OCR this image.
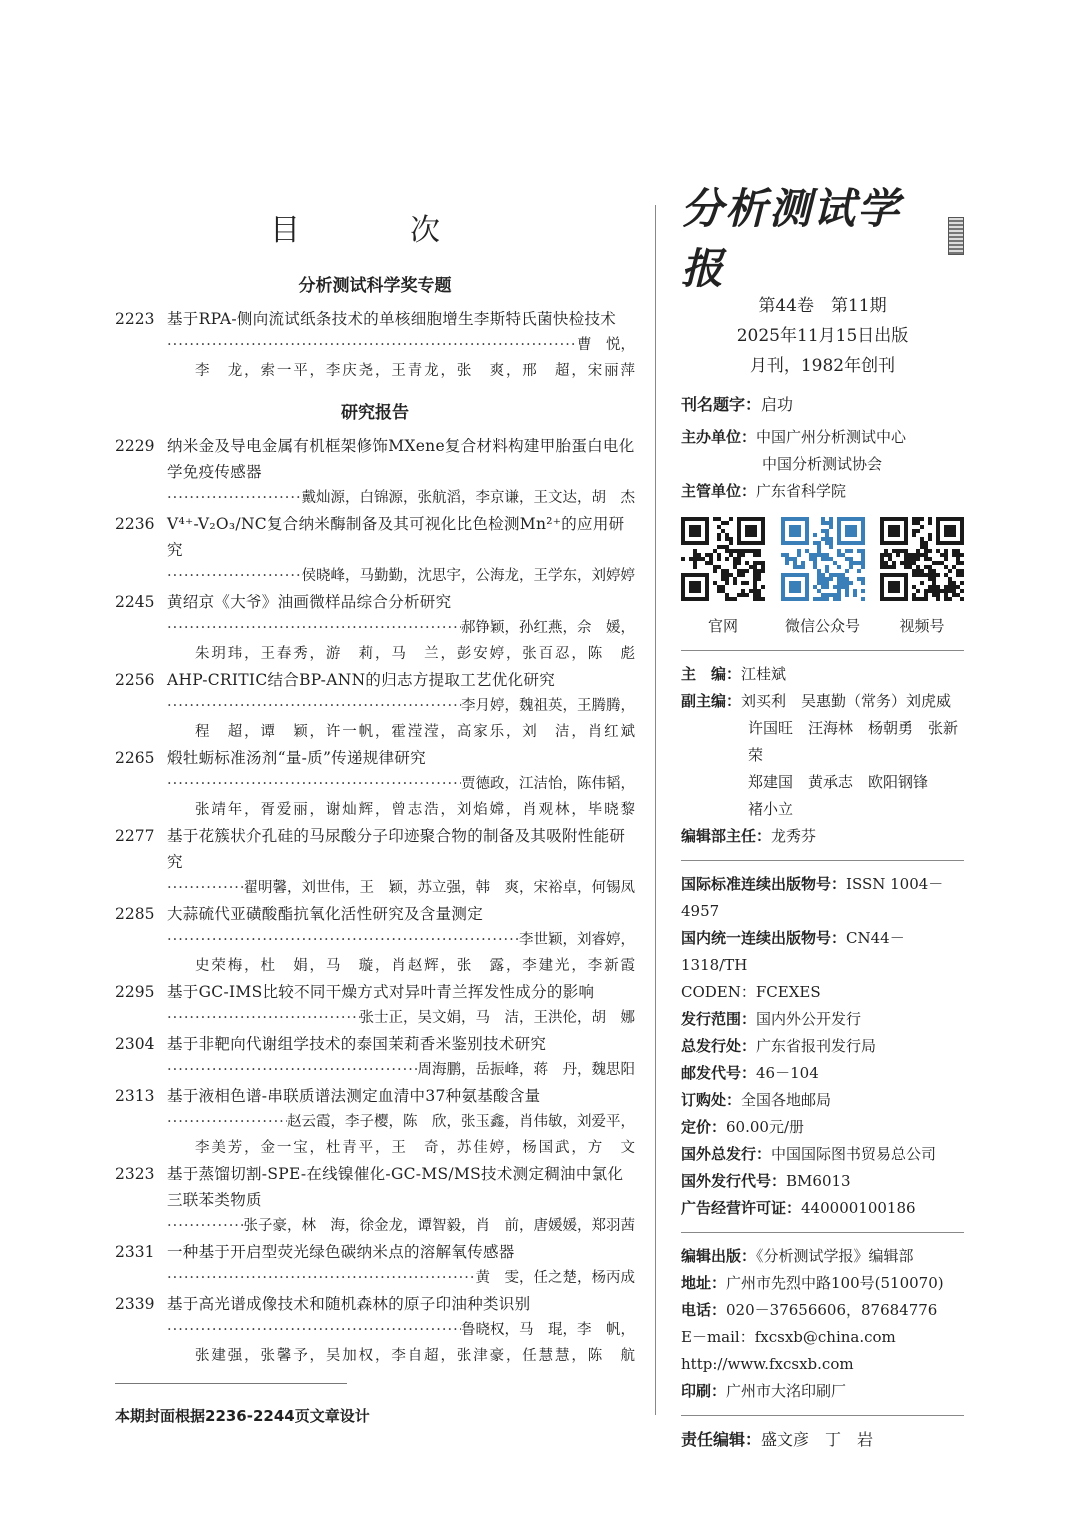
目　次
分析测试科学奖专题
2223 基于RPA-侧向流试纸条技术的单核细胞增生李斯特氏菌快检技术
·····
曹　悦，
李　龙，索一平，李庆尧，王青龙，张　爽，邢　超，宋丽萍
研究报告
2229 纳米金及导电金属有机框架修饰MXene复合材料构建甲胎蛋白电化学免疫传感器
·····
戴灿源，白锦源，张航滔，李京谦，王文达，胡　杰
2236 V⁴⁺-V₂O₃/NC复合纳米酶制备及其可视化比色检测Mn²⁺的应用研究
·····
侯晓峰，马勤勤，沈思宇，公海龙，王学东，刘婷婷
2245 黄绍京《大爷》油画微样品综合分析研究
·····
郝铮颖，孙红燕，佘　媛，
朱玥玮，王春秀，游　莉，马　兰，彭安婷，张百忍，陈　彪
2256 AHP-CRITIC结合BP-ANN的归志方提取工艺优化研究
·····
李月婷，魏祖英，王腾腾，
程　超，谭　颖，许一帆，霍滢滢，高家乐，刘　洁，肖红斌
2265 煅牡蛎标准汤剂“量-质”传递规律研究
·····
贾德政，江洁怡，陈伟韬，
张靖年，胥爱丽，谢灿辉，曾志浩，刘焰嫦，肖观林，毕晓黎
2277 基于花簇状介孔硅的马尿酸分子印迹聚合物的制备及其吸附性能研究
·····
翟明馨，刘世伟，王　颖，苏立强，韩　爽，宋裕卓，何锡凤
2285 大蒜硫代亚磺酸酯抗氧化活性研究及含量测定
·····
李世颖，刘睿婷，
史荣梅，杜　娟，马　璇，肖赵辉，张　露，李建光，李新霞
2295 基于GC-IMS比较不同干燥方式对异叶青兰挥发性成分的影响
·····
张士正，吴文娟，马　洁，王洪伦，胡　娜
2304 基于非靶向代谢组学技术的泰国茉莉香米鉴别技术研究
·····
周海鹏，岳振峰，蒋　丹，魏思阳
2313 基于液相色谱-串联质谱法测定血清中37种氨基酸含量
·····
赵云霞，李子樱，陈　欣，张玉鑫，肖伟敏，刘爱平，
李美芳，金一宝，杜青平，王　奇，苏佳婷，杨国武，方　文
2323 基于蒸馏切割-SPE-在线镍催化-GC-MS/MS技术测定稠油中氯化三联苯类物质
·····
张子豪，林　海，徐金龙，谭智毅，肖　前，唐媛媛，郑羽茜
2331 一种基于开启型荧光绿色碳纳米点的溶解氧传感器
·····
黄　雯，任之楚，杨丙成
2339 基于高光谱成像技术和随机森林的原子印油种类识别
·····
鲁晓权，马　琨，李　帆，
张建强，张馨予，吴加权，李自超，张津豪，任慧慧，陈　航
本期封面根据2236-2244页文章设计
分析测试学报
第44卷　第11期
2025年11月15日出版
月刊，1982年创刊
刊名题字：启功
主办单位：中国广州分析测试中心
中国分析测试协会
主管单位：广东省科学院
官网	微信公众号	视频号
主　编：江桂斌
副主编：刘买利　吴惠勤（常务）刘虎威
许国旺　汪海林　杨朝勇　张新荣
郑建国　黄承志　欧阳钢锋
褚小立
编辑部主任：龙秀芬
国际标准连续出版物号：ISSN 1004－4957
国内统一连续出版物号：CN44－1318/TH
CODEN：FCEXES
发行范围：国内外公开发行
总发行处：广东省报刊发行局
邮发代号：46－104
订购处：全国各地邮局
定价：60.00元/册
国外总发行：中国国际图书贸易总公司
国外发行代号：BM6013
广告经营许可证：440000100186
编辑出版：《分析测试学报》编辑部
地址：广州市先烈中路100号(510070)
电话：020－37656606，87684776
E－mail：fxcsxb@china.com
http://www.fxcsxb.com
印刷：广州市大洺印刷厂
责任编辑：盛文彦　丁　岩
